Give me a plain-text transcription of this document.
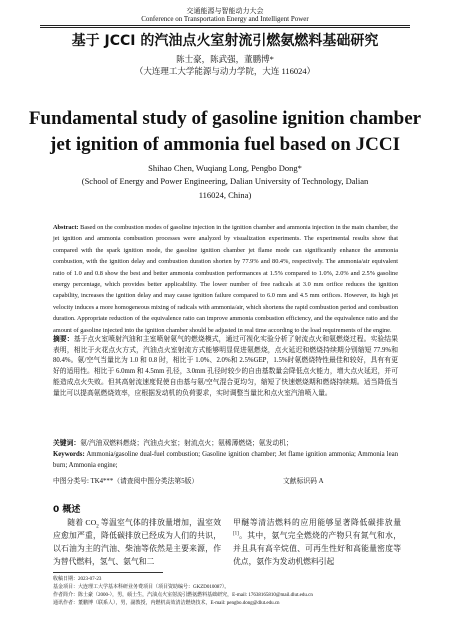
交通能源与智能动力大会
Conference on Transportation Energy and Intelligent Power
基于 JCCI 的汽油点火室射流引燃氨燃料基础研究
陈士豪，陈武强，董鹏博*
（大连理工大学能源与动力学院，大连 116024）
Fundamental study of gasoline ignition chamber
jet ignition of ammonia fuel based on JCCI
Shihao Chen, Wuqiang Long, Pengbo Dong*
(School of Energy and Power Engineering, Dalian University of Technology, Dalian
116024, China)
Abstract: Based on the combustion modes of gasoline injection in the ignition chamber and ammonia injection in the main chamber, the jet ignition and ammonia combustion processes were analyzed by visualization experiments. The experimental results show that compared with the spark ignition mode, the gasoline ignition chamber jet flame mode can significantly enhance the ammonia combustion, with the ignition delay and combustion duration shorten by 77.9% and 80.4%, respectively. The ammonia/air equivalent ratio of 1.0 and 0.8 show the best and better ammonia combustion performances at 1.5% compared to 1.0%, 2.0% and 2.5% gasoline energy percentage, which provides better applicability. The lower number of free radicals at 3.0 mm orifice reduces the ignition capability, increases the ignition delay and may cause ignition failure compared to 6.0 mm and 4.5 mm orifices. However, its high jet velocity induces a more homogeneous mixing of radicals with ammonia/air, which shortens the rapid combustion period and combustion duration. Appropriate reduction of the equivalence ratio can improve ammonia combustion efficiency, and the equivalence ratio and the amount of gasoline injected into the ignition chamber should be adjusted in real time according to the load requirements of the engine.
摘要：基于点火室喷射汽油和主室喷射氨气的燃烧模式，通过可视化实验分析了射流点火和氨燃烧过程。实验结果表明，相比于火花点火方式，汽油点火室射流方式能够明显促进氨燃烧，点火延迟和燃烧持续期分别缩短 77.9%和 80.4%。氨/空气当量比为 1.0 和 0.8 时，相比于 1.0%、2.0%和 2.5%GEP，1.5%时氨燃烧特性最佳和较好，具有有更好的适用性。相比于 6.0mm 和 4.5mm 孔径，3.0mm 孔径时较少的自由基数量会降低点火能力，增大点火延迟，并可能造成点火失败。但其高射流速度促使自由基与氨/空气混合更均匀，缩短了快速燃烧期和燃烧持续期。适当降低当量比可以提高氨燃烧效率，应根据发动机的负荷要求，实时调整当量比和点火室汽油喷入量。
关键词：氨/汽油双燃料燃烧；汽油点火室；射流点火；氨稀薄燃烧；氨发动机；
Keywords: Ammonia/gasoline dual-fuel combustion; Gasoline ignition chamber; Jet flame ignition ammonia; Ammonia lean burn; Ammonia engine;
中图分类号: TK4***（请查阅中图分类法第5版）	文献标识码 A
0 概述
随着 $CO_2$ 等温室气体的排放量增加，温室效应愈加严重，降低碳排放已经成为人们的共识，以石油为主的汽油、柴油等依然是主要来源，作为替代燃料，氢气、氨气和二
甲醚等清洁燃料的应用能够显著降低碳排放量[1]。其中，氨气完全燃烧的产物只有氮气和水，并且具有高辛烷值、可再生性好和高能量密度等优点，氨作为发动机燃料引起
收稿日期：2023-07-23
基金项目：大连理工大学基本科研业务费项目（项目资助编号：GKZD010087）。
作者简介：陈士豪（2000-），男，硕士生，汽油点火室射流引燃氨燃料基础研究，E-mail: 17638165810@mail.dlut.edu.cn
通讯作者：董鹏博（联系人），男，副教授，内燃机高效清洁燃烧技术，E-mail: pengbo.dong@dlut.edu.cn
